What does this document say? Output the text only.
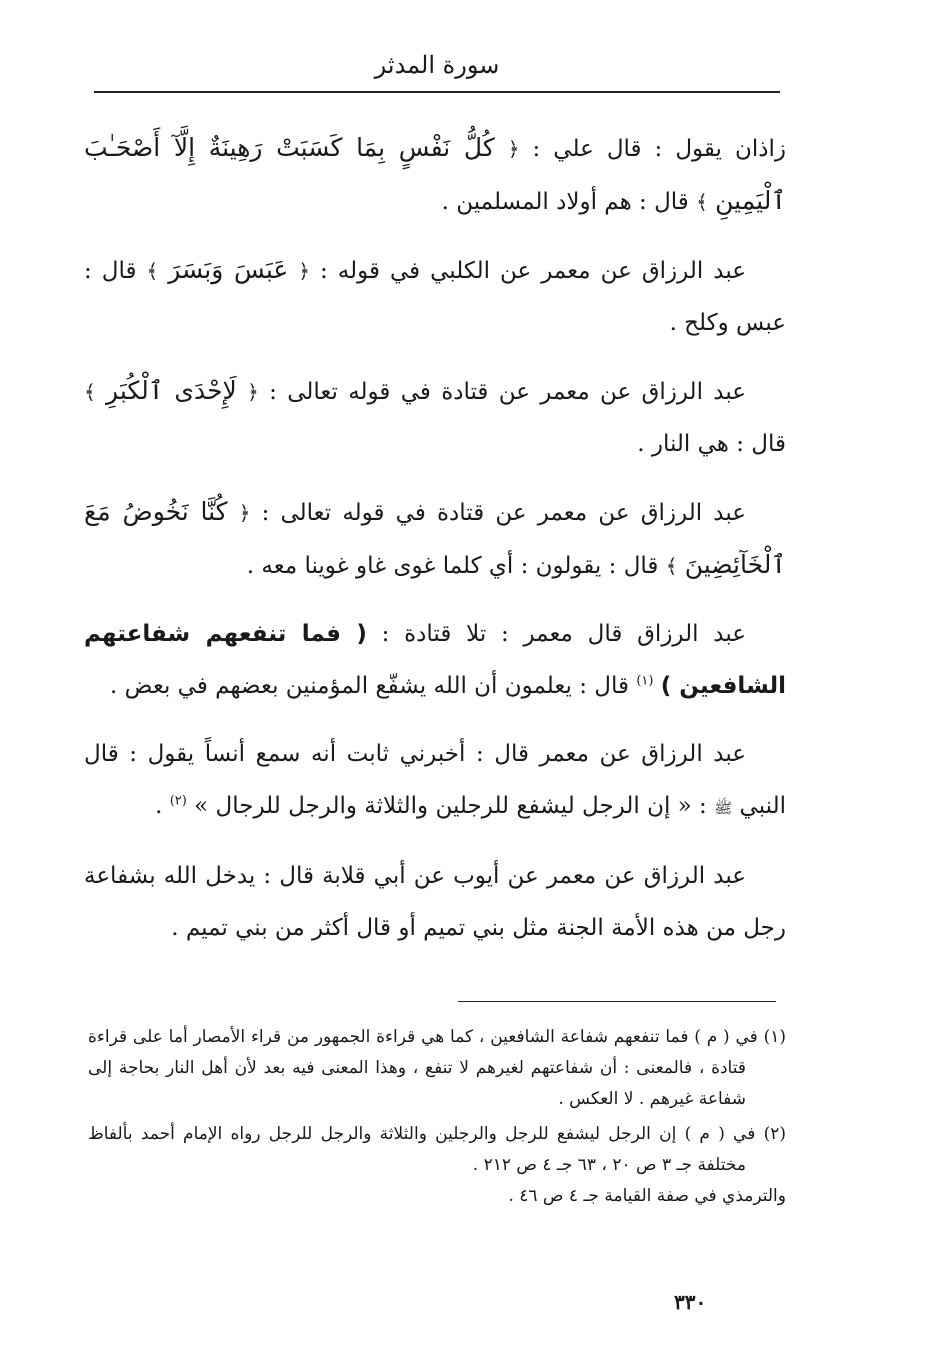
سورة المدثر

زاذان يقول : قال علي : ﴿ كُلُّ نَفْسٍ بِمَا كَسَبَتْ رَهِينَةٌ إِلَّآ أَصْحَـٰبَ ٱلْيَمِينِ ﴾ قال : هم أولاد المسلمين .

عبد الرزاق عن معمر عن الكلبي في قوله : ﴿ عَبَسَ وَبَسَرَ ﴾ قال : عبس وكلح .

عبد الرزاق عن معمر عن قتادة في قوله تعالى : ﴿ لَإِحْدَى ٱلْكُبَرِ ﴾ قال : هي النار .

عبد الرزاق عن معمر عن قتادة في قوله تعالى : ﴿ كُنَّا نَخُوضُ مَعَ ٱلْخَآئِضِينَ ﴾ قال : يقولون : أي كلما غوى غاو غوينا معه .

عبد الرزاق قال معمر : تلا قتادة : ( فما تنفعهم شفاعتهم الشافعين ) $^{(١)}$ قال : يعلمون أن الله يشفّع المؤمنين بعضهم في بعض .

عبد الرزاق عن معمر قال : أخبرني ثابت أنه سمع أنساً يقول : قال النبي ﷺ : « إن الرجل ليشفع للرجلين والثلاثة والرجل للرجال » $^{(٢)}$ .

عبد الرزاق عن معمر عن أيوب عن أبي قلابة قال : يدخل الله بشفاعة رجل من هذه الأمة الجنة مثل بني تميم أو قال أكثر من بني تميم .

(١) في ( م ) فما تنفعهم شفاعة الشافعين ، كما هي قراءة الجمهور من قراء الأمصار أما على قراءة قتادة ، فالمعنى : أن شفاعتهم لغيرهم لا تنفع ، وهذا المعنى فيه بعد لأن أهل النار بحاجة إلى شفاعة غيرهم . لا العكس .

(٢) في ( م ) إن الرجل ليشفع للرجل والرجلين والثلاثة والرجل للرجل رواه الإمام أحمد بألفاظ مختلفة جـ ٣ ص ٢٠ ، ٦٣ جـ ٤ ص ٢١٢ .
والترمذي في صفة القيامة جـ ٤ ص ٤٦ .

٣٣٠
